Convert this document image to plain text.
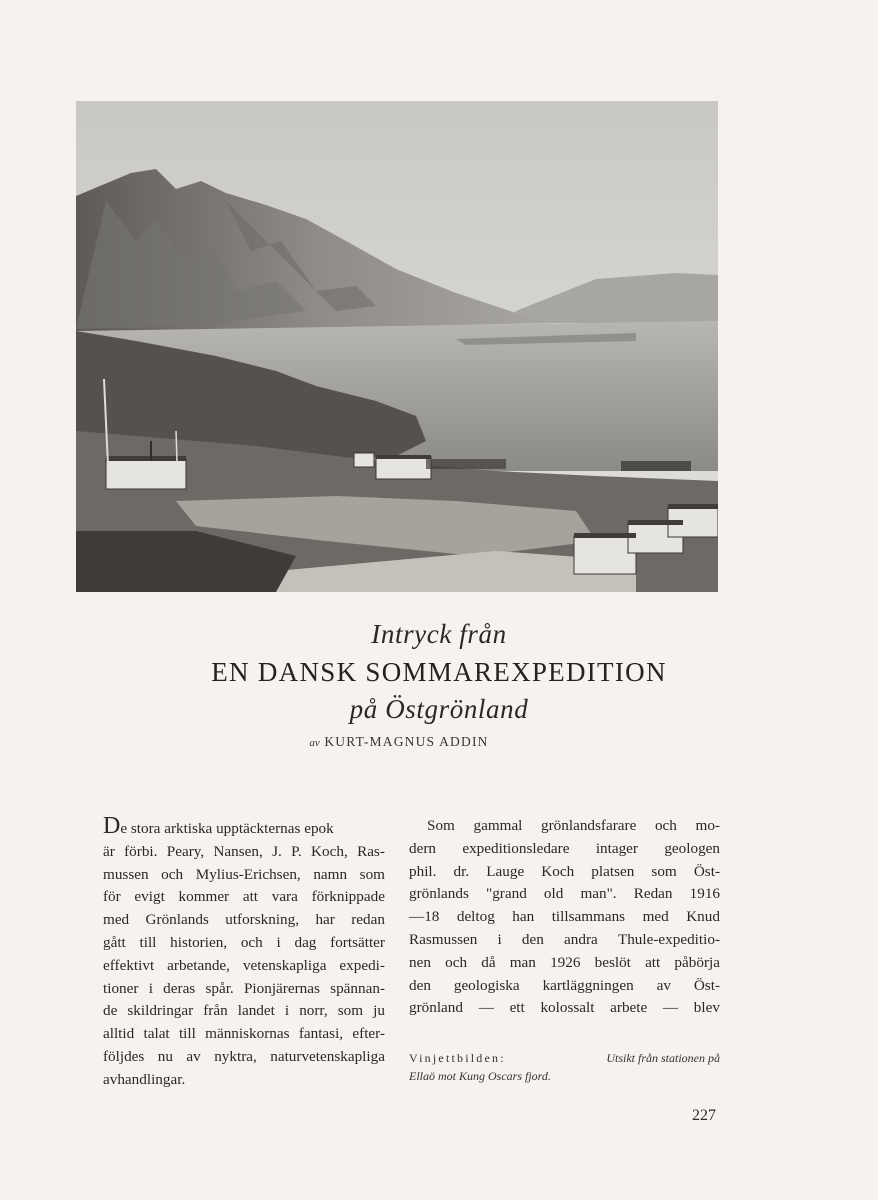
Intryck från
EN DANSK SOMMAREXPEDITION
på Östgrönland
av KURT-MAGNUS ADDIN
De stora arktiska upptäckternas epok
är förbi. Peary, Nansen, J. P. Koch, Ras-
mussen och Mylius-Erichsen, namn som
för evigt kommer att vara förknippade
med Grönlands utforskning, har redan
gått till historien, och i dag fortsätter
effektivt arbetande, vetenskapliga expedi-
tioner i deras spår. Pionjärernas spännan-
de skildringar från landet i norr, som ju
alltid talat till människornas fantasi, efter-
följdes nu av nyktra, naturvetenskapliga
avhandlingar.
Som gammal grönlandsfarare och mo-
dern expeditionsledare intager geologen
phil. dr. Lauge Koch platsen som Öst-
grönlands "grand old man". Redan 1916
—18 deltog han tillsammans med Knud
Rasmussen i den andra Thule-expeditio-
nen och då man 1926 beslöt att påbörja
den geologiska kartläggningen av Öst-
grönland — ett kolossalt arbete — blev
Vinjettbilden:	Utsikt från stationen på
Ellaö mot Kung Oscars fjord.
227
